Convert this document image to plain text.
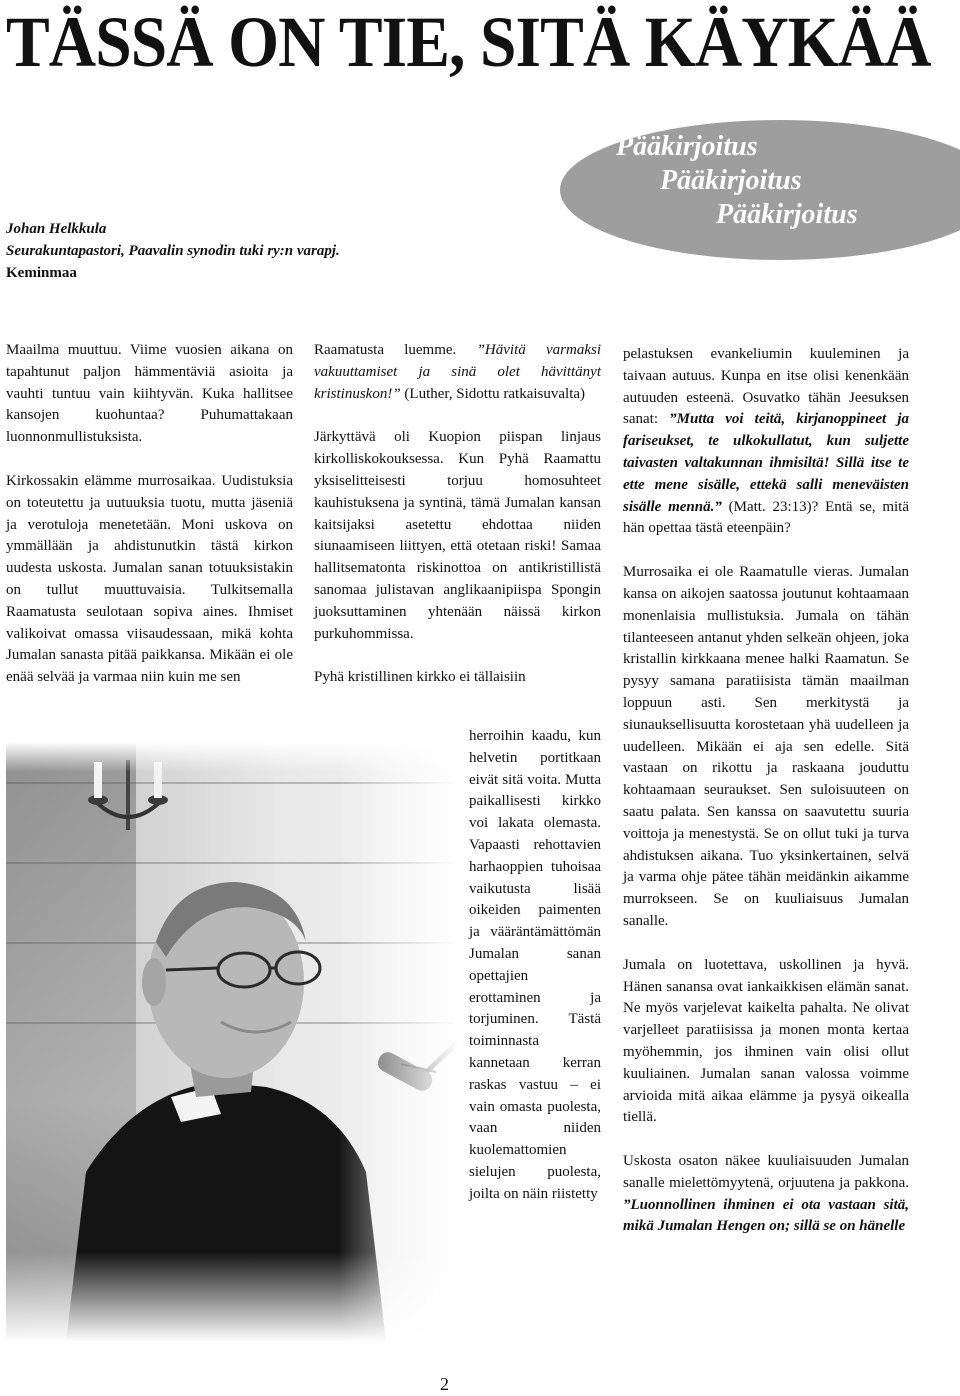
TÄSSÄ ON TIE, SITÄ KÄYKÄÄ
Pääkirjoitus
Pääkirjoitus
Pääkirjoitus
Johan Helkkula
Seurakuntapastori, Paavalin synodin tuki ry:n varapj.
Keminmaa

Maailma muuttuu. Viime vuosien aikana on tapahtunut paljon hämmentäviä asioita ja vauhti tuntuu vain kiihtyvän. Kuka hallitsee kansojen kuohuntaa? Puhumattakaan luonnonmullistuksista.

Kirkossakin elämme murrosaikaa. Uudistuksia on toteutettu ja uutuuksia tuotu, mutta jäseniä ja verotuloja menetetään. Moni uskova on ymmällään ja ahdistunutkin tästä kirkon uudesta uskosta. Jumalan sanan totuuksistakin on tullut muuttuvaisia. Tulkitsemalla Raamatusta seulotaan sopiva aines. Ihmiset valikoivat omassa viisaudessaan, mikä kohta Jumalan sanasta pitää paikkansa. Mikään ei ole enää selvää ja varmaa niin kuin me sen

Raamatusta luemme. ”Hävitä varmaksi vakuuttamiset ja sinä olet hävittänyt kristinuskon!” (Luther, Sidottu ratkaisuvalta)

Järkyttävä oli Kuopion piispan linjaus kirkolliskokouksessa. Kun Pyhä Raamattu yksiselitteisesti torjuu homosuhteet kauhistuksena ja syntinä, tämä Jumalan kansan kaitsijaksi asetettu ehdottaa niiden siunaamiseen liittyen, että otetaan riski! Samaa hallitsematonta riskinottoa on antikristillistä sanomaa julistavan anglikaanipiispa Spongin juoksuttaminen yhtenään näissä kirkon purkuhommissa.

Pyhä kristillinen kirkko ei tällaisiin

herroihin kaadu, kun helvetin portitkaan eivät sitä voita. Mutta paikallisesti kirkko voi lakata olemasta. Vapaasti rehottavien harhaoppien tuhoisaa vaikutusta lisää oikeiden paimenten ja vääräntämättömän Jumalan sanan opettajien erottaminen ja torjuminen. Tästä toiminnasta kannetaan kerran raskas vastuu – ei vain omasta puolesta, vaan niiden kuolemattomien sielujen puolesta, joilta on näin riistetty

pelastuksen evankeliumin kuuleminen ja taivaan autuus. Kunpa en itse olisi kenenkään autuuden esteenä. Osuvatko tähän Jeesuksen sanat: ”Mutta voi teitä, kirjanoppineet ja fariseukset, te ulkokullatut, kun suljette taivasten valtakunnan ihmisiltä! Sillä itse te ette mene sisälle, ettekä salli meneväisten sisälle mennä.” (Matt. 23:13)? Entä se, mitä hän opettaa tästä eteenpäin?

Murrosaika ei ole Raamatulle vieras. Jumalan kansa on aikojen saatossa joutunut kohtaamaan monenlaisia mullistuksia. Jumala on tähän tilanteeseen antanut yhden selkeän ohjeen, joka kristallin kirkkaana menee halki Raamatun. Se pysyy samana paratiisista tämän maailman loppuun asti. Sen merkitystä ja siunauksellisuutta korostetaan yhä uudelleen ja uudelleen. Mikään ei aja sen edelle. Sitä vastaan on rikottu ja raskaana jouduttu kohtaamaan seuraukset. Sen suloisuuteen on saatu palata. Sen kanssa on saavutettu suuria voittoja ja menestystä. Se on ollut tuki ja turva ahdistuksen aikana. Tuo yksinkertainen, selvä ja varma ohje pätee tähän meidänkin aikamme murrokseen. Se on kuuliaisuus Jumalan sanalle.

Jumala on luotettava, uskollinen ja hyvä. Hänen sanansa ovat iankaikkisen elämän sanat. Ne myös varjelevat kaikelta pahalta. Ne olivat varjelleet paratiisissa ja monen monta kertaa myöhemmin, jos ihminen vain olisi ollut kuuliainen. Jumalan sanan valossa voimme arvioida mitä aikaa elämme ja pysyä oikealla tiellä.

Uskosta osaton näkee kuuliaisuuden Jumalan sanalle mielettömyytenä, orjuutena ja pakkona. ”Luonnollinen ihminen ei ota vastaan sitä, mikä Jumalan Hengen on; sillä se on hänelle

2
